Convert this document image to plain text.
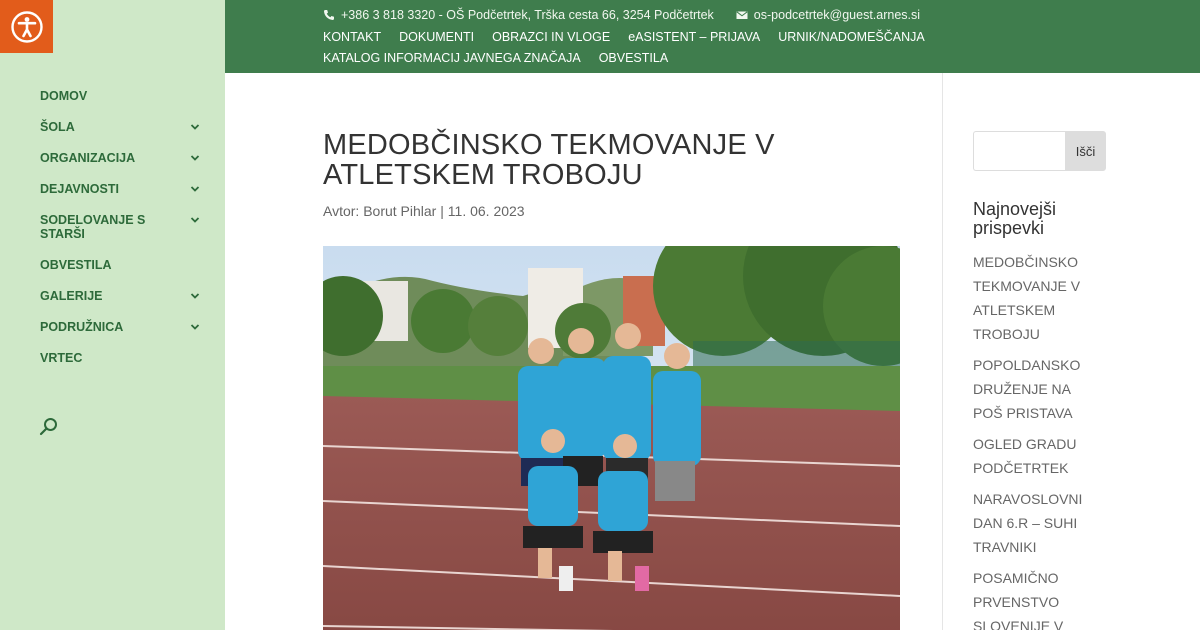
DOMOV
ŠOLA
ORGANIZACIJA
DEJAVNOSTI
SODELOVANJE S STARŠI
OBVESTILA
GALERIJE
PODRUŽNICA
VRTEC
+386 3 818 3320 - OŠ Podčetrtek, Trška cesta 66, 3254 Podčetrtek	os-podcetrtek@guest.arnes.si
KONTAKT DOKUMENTI OBRAZCI IN VLOGE eASISTENT – PRIJAVA URNIK/NADOMEŠČANJA
KATALOG INFORMACIJ JAVNEGA ZNAČAJA OBVESTILA
MEDOBČINSKO TEKMOVANJE V ATLETSKEM TROBOJU

Avtor: Borut Pihlar | 11. 06. 2023

Išči
Najnovejši prispevki
MEDOBČINSKO TEKMOVANJE V ATLETSKEM TROBOJU
POPOLDANSKO DRUŽENJE NA POŠ PRISTAVA
OGLED GRADU PODČETRTEK
NARAVOSLOVNI DAN 6.R – SUHI TRAVNIKI
POSAMIČNO PRVENSTVO SLOVENIJE V
